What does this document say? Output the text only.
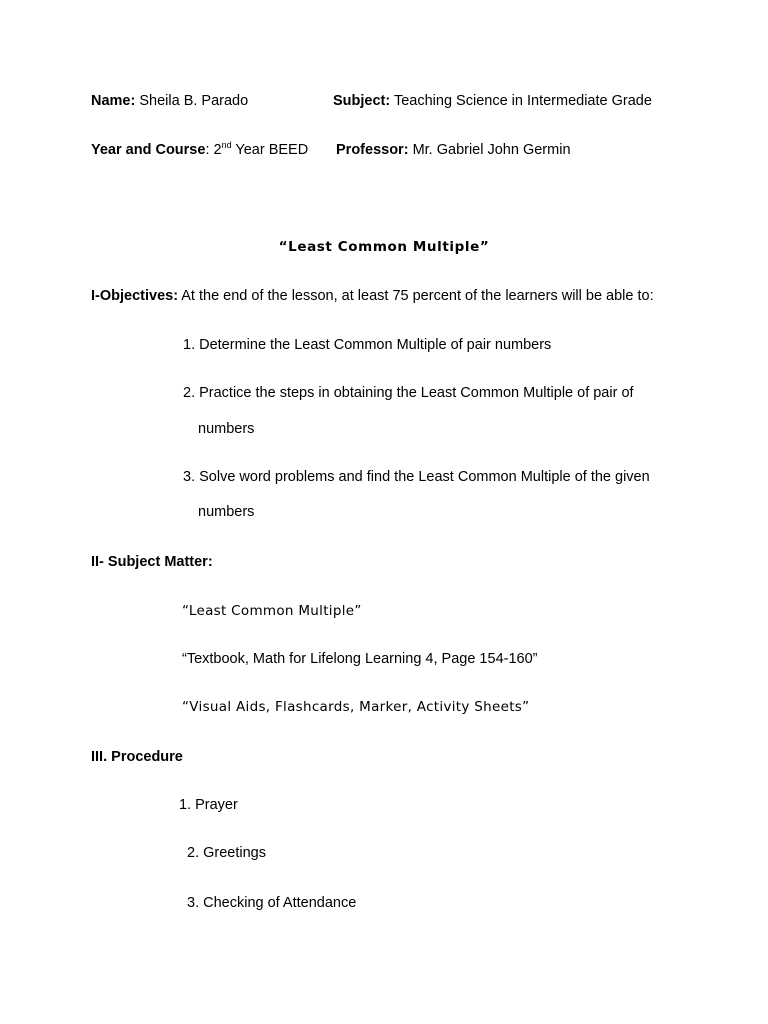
Name: Sheila B. Parado	Subject: Teaching Science in Intermediate Grade
Year and Course: 2nd Year BEED Professor: Mr. Gabriel John Germin
“Least Common Multiple”
I-Objectives: At the end of the lesson, at least 75 percent of the learners will be able to:
1. Determine the Least Common Multiple of pair numbers
2. Practice the steps in obtaining the Least Common Multiple of pair of
numbers
3. Solve word problems and find the Least Common Multiple of the given
numbers
II- Subject Matter:
“Least Common Multiple”
“Textbook, Math for Lifelong Learning 4, Page 154-160”
“Visual Aids, Flashcards, Marker, Activity Sheets”
III. Procedure
1. Prayer
2. Greetings
3. Checking of Attendance
